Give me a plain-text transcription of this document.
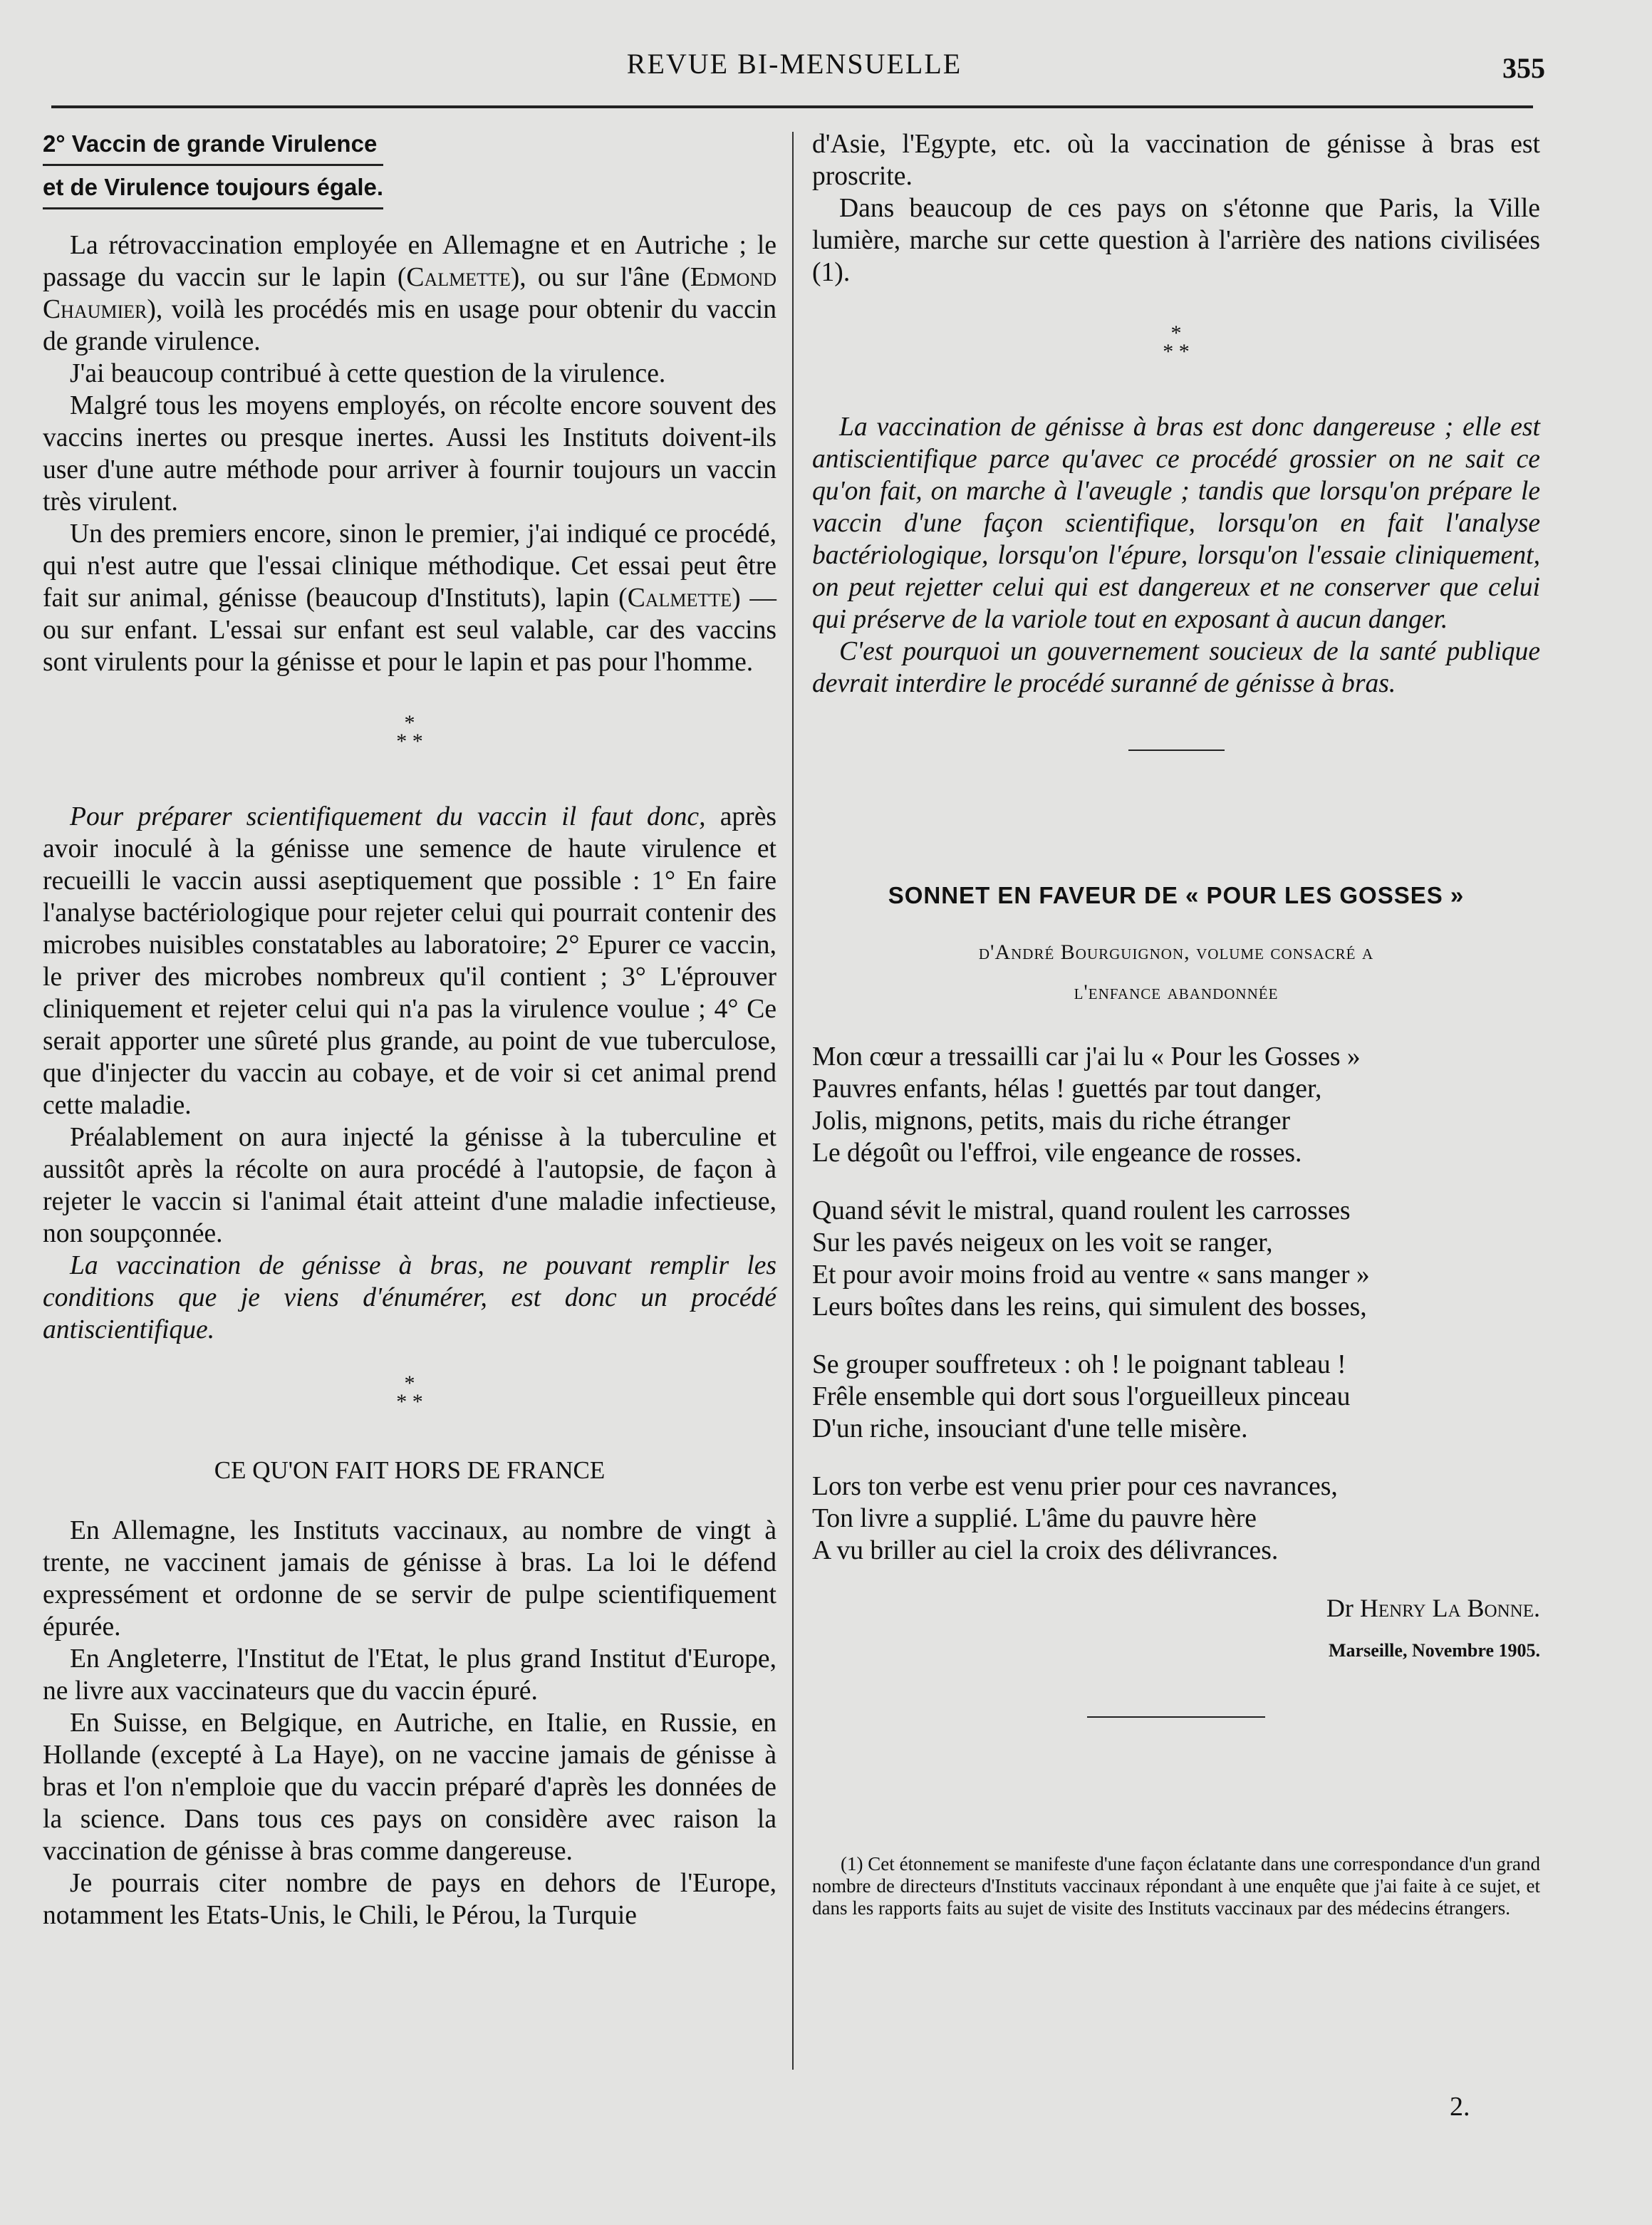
REVUE BI-MENSUELLE	355
2° Vaccin de grande Virulence
et de Virulence toujours égale.

La rétrovaccination employée en Allemagne et en Autriche ; le passage du vaccin sur le lapin (Calmette), ou sur l'âne (Edmond Chaumier), voilà les procédés mis en usage pour obtenir du vaccin de grande virulence.

J'ai beaucoup contribué à cette question de la virulence.

Malgré tous les moyens employés, on récolte encore souvent des vaccins inertes ou presque inertes. Aussi les Instituts doivent-ils user d'une autre méthode pour arriver à fournir toujours un vaccin très virulent.

Un des premiers encore, sinon le premier, j'ai indiqué ce procédé, qui n'est autre que l'essai clinique méthodique. Cet essai peut être fait sur animal, génisse (beaucoup d'Instituts), lapin (Calmette) — ou sur enfant. L'essai sur enfant est seul valable, car des vaccins sont virulents pour la génisse et pour le lapin et pas pour l'homme.

*
* *

Pour préparer scientifiquement du vaccin il faut donc, après avoir inoculé à la génisse une semence de haute virulence et recueilli le vaccin aussi aseptiquement que possible : 1° En faire l'analyse bactériologique pour rejeter celui qui pourrait contenir des microbes nuisibles constatables au laboratoire; 2° Epurer ce vaccin, le priver des microbes nombreux qu'il contient ; 3° L'éprouver cliniquement et rejeter celui qui n'a pas la virulence voulue ; 4° Ce serait apporter une sûreté plus grande, au point de vue tuberculose, que d'injecter du vaccin au cobaye, et de voir si cet animal prend cette maladie.

Préalablement on aura injecté la génisse à la tuberculine et aussitôt après la récolte on aura procédé à l'autopsie, de façon à rejeter le vaccin si l'animal était atteint d'une maladie infectieuse, non soupçonnée.

La vaccination de génisse à bras, ne pouvant remplir les conditions que je viens d'énumérer, est donc un procédé antiscientifique.

*
* *

CE QU'ON FAIT HORS DE FRANCE

En Allemagne, les Instituts vaccinaux, au nombre de vingt à trente, ne vaccinent jamais de génisse à bras. La loi le défend expressément et ordonne de se servir de pulpe scientifiquement épurée.

En Angleterre, l'Institut de l'Etat, le plus grand Institut d'Europe, ne livre aux vaccinateurs que du vaccin épuré.

En Suisse, en Belgique, en Autriche, en Italie, en Russie, en Hollande (excepté à La Haye), on ne vaccine jamais de génisse à bras et l'on n'emploie que du vaccin préparé d'après les données de la science. Dans tous ces pays on considère avec raison la vaccination de génisse à bras comme dangereuse.

Je pourrais citer nombre de pays en dehors de l'Europe, notamment les Etats-Unis, le Chili, le Pérou, la Turquie

d'Asie, l'Egypte, etc. où la vaccination de génisse à bras est proscrite.

Dans beaucoup de ces pays on s'étonne que Paris, la Ville lumière, marche sur cette question à l'arrière des nations civilisées (1).

*
* *

La vaccination de génisse à bras est donc dangereuse ; elle est antiscientifique parce qu'avec ce procédé grossier on ne sait ce qu'on fait, on marche à l'aveugle ; tandis que lorsqu'on prépare le vaccin d'une façon scientifique, lorsqu'on en fait l'analyse bactériologique, lorsqu'on l'épure, lorsqu'on l'essaie cliniquement, on peut rejetter celui qui est dangereux et ne conserver que celui qui préserve de la variole tout en exposant à aucun danger.

C'est pourquoi un gouvernement soucieux de la santé publique devrait interdire le procédé suranné de génisse à bras.

SONNET EN FAVEUR DE « POUR LES GOSSES »
d'André Bourguignon, volume consacré a
l'enfance abandonnée
Mon cœur a tressailli car j'ai lu « Pour les Gosses »
Pauvres enfants, hélas ! guettés par tout danger,
Jolis, mignons, petits, mais du riche étranger
Le dégoût ou l'effroi, vile engeance de rosses.
Quand sévit le mistral, quand roulent les carrosses
Sur les pavés neigeux on les voit se ranger,
Et pour avoir moins froid au ventre « sans manger »
Leurs boîtes dans les reins, qui simulent des bosses,
Se grouper souffreteux : oh ! le poignant tableau !
Frêle ensemble qui dort sous l'orgueilleux pinceau
D'un riche, insouciant d'une telle misère.
Lors ton verbe est venu prier pour ces navrances,
Ton livre a supplié. L'âme du pauvre hère
A vu briller au ciel la croix des délivrances.
Dr Henry La Bonne.
Marseille, Novembre 1905.

(1) Cet étonnement se manifeste d'une façon éclatante dans une correspondance d'un grand nombre de directeurs d'Instituts vaccinaux répondant à une enquête que j'ai faite à ce sujet, et dans les rapports faits au sujet de visite des Instituts vaccinaux par des médecins étrangers.

2.
